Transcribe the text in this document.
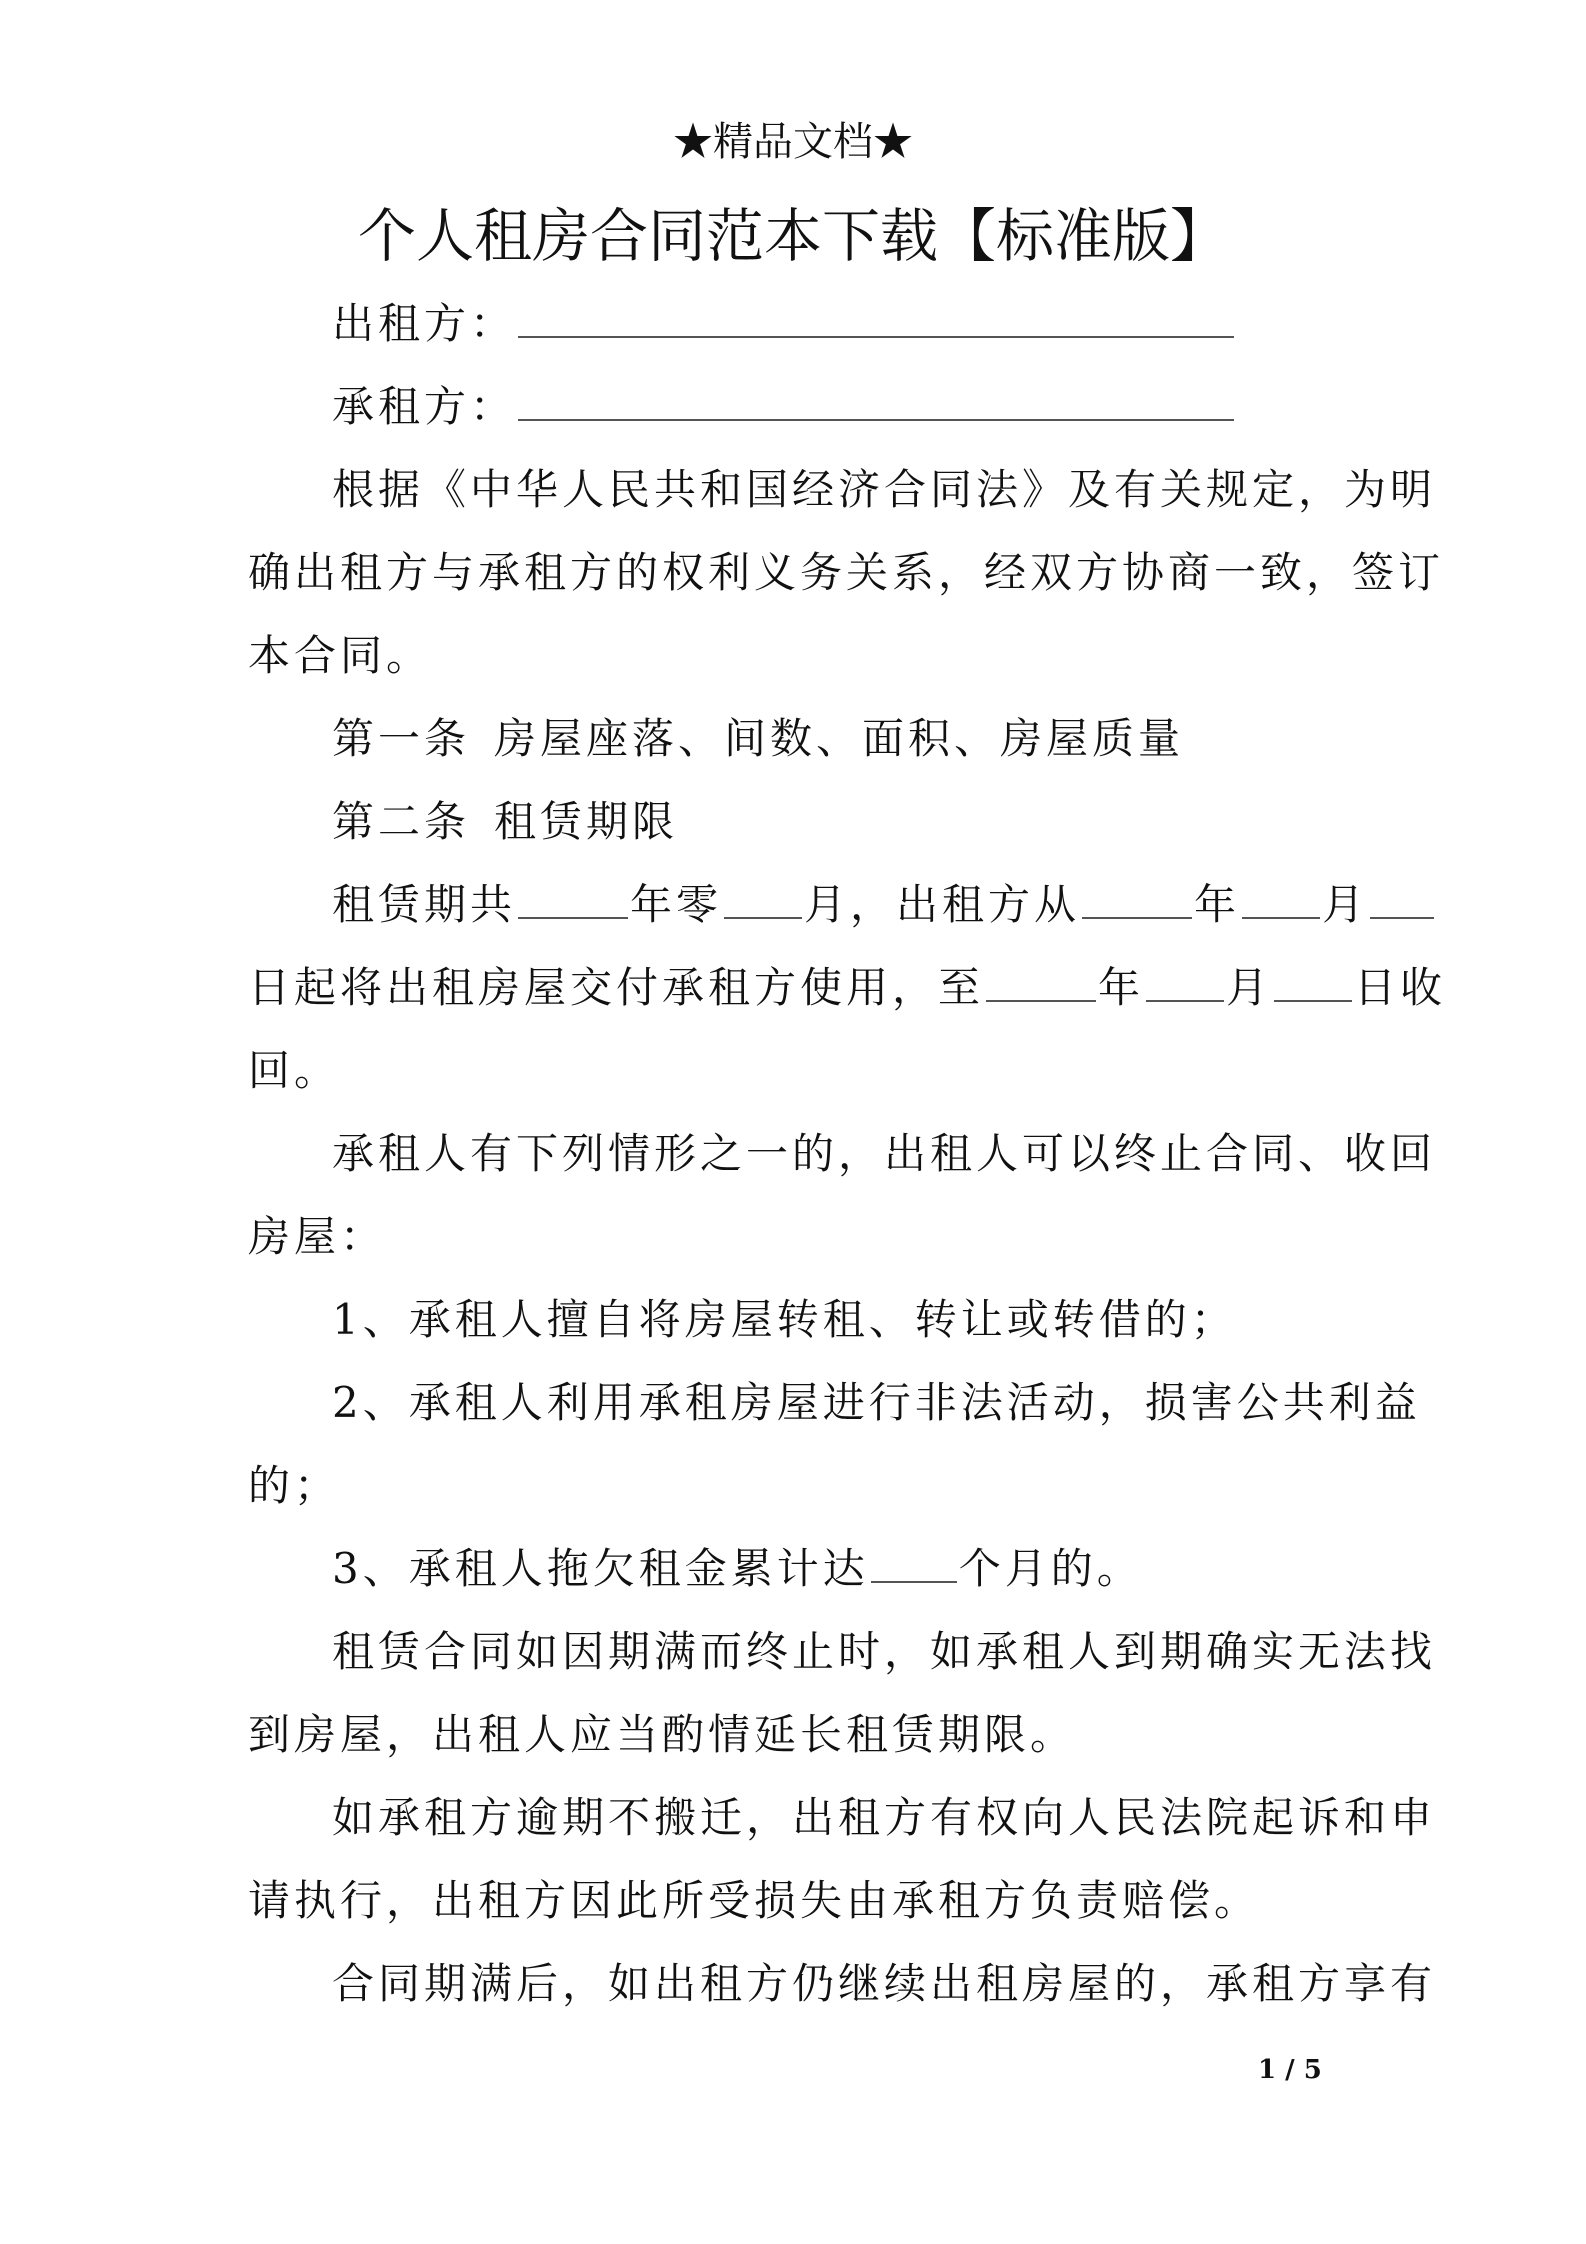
★精品文档★
个人租房合同范本下载【标准版】
出租方：
承租方：
根据《中华人民共和国经济合同法》及有关规定，为明
确出租方与承租方的权利义务关系，经双方协商一致，签订
本合同。
第一条 房屋座落、间数、面积、房屋质量
第二条 租赁期限
租赁期共	年零 月，出租方从	年 月
日起将出租房屋交付承租方使用，至	年 月 日收
回。
承租人有下列情形之一的，出租人可以终止合同、收回
房屋：
1、承租人擅自将房屋转租、转让或转借的；
2、承租人利用承租房屋进行非法活动，损害公共利益
的；
3、承租人拖欠租金累计达 个月的。
租赁合同如因期满而终止时，如承租人到期确实无法找
到房屋，出租人应当酌情延长租赁期限。
如承租方逾期不搬迁，出租方有权向人民法院起诉和申
请执行，出租方因此所受损失由承租方负责赔偿。
合同期满后，如出租方仍继续出租房屋的，承租方享有
1 / 5
